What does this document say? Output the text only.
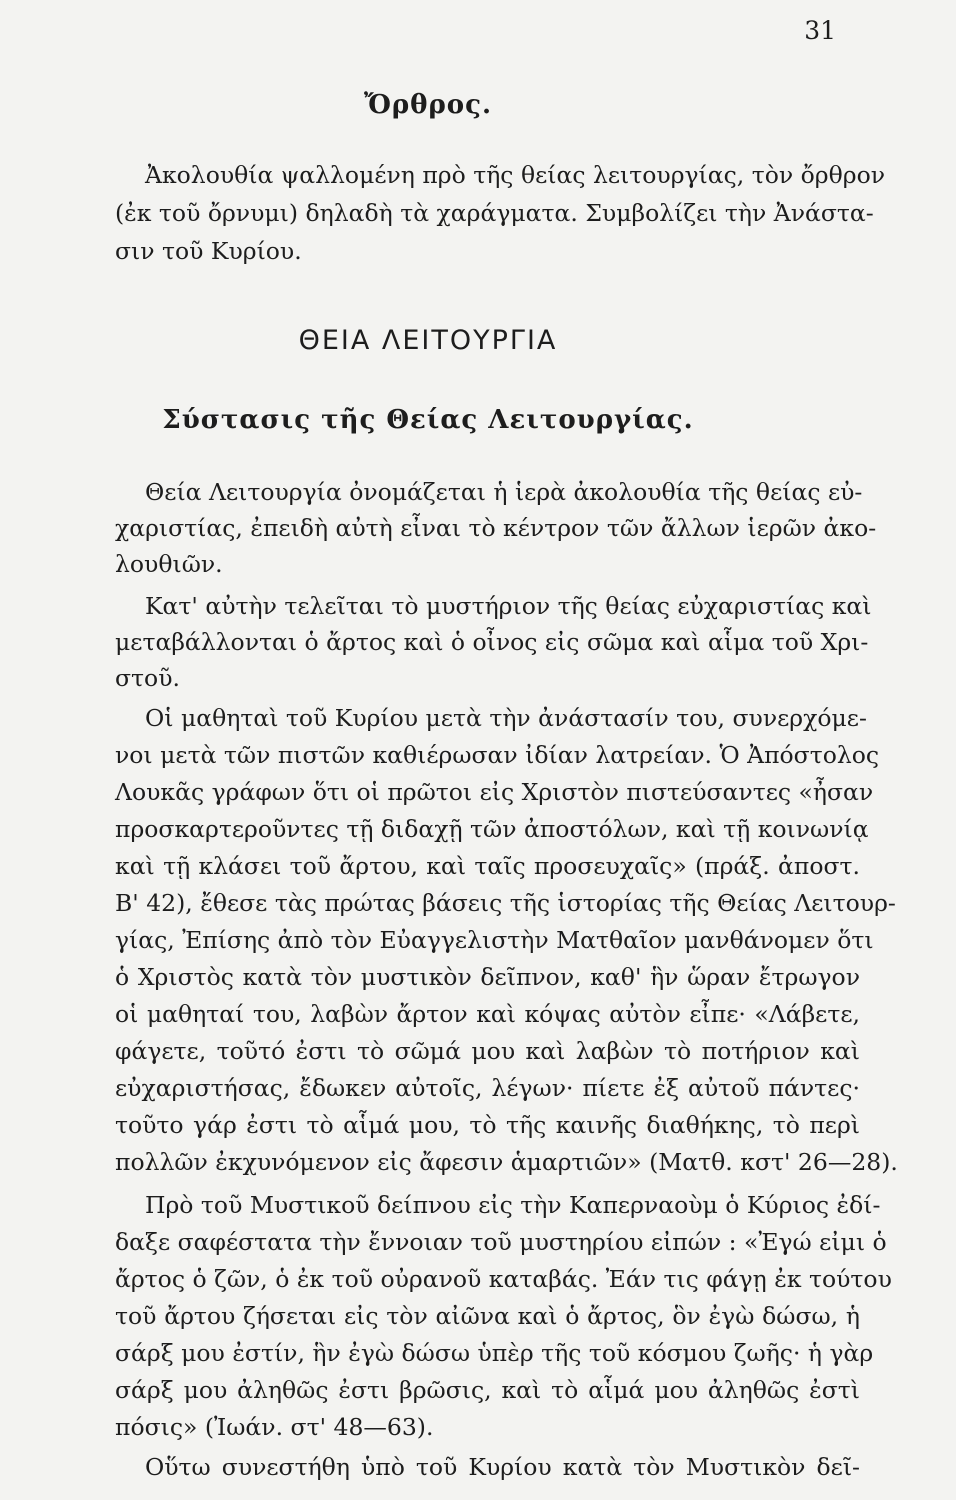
31
Ὄρθρος.
Ἀκολουθία ψαλλομένη πρὸ τῆς θείας λειτουργίας, τὸν ὄρθρον
(ἐκ τοῦ ὄρνυμι) δηλαδὴ τὰ χαράγματα. Συμβολίζει τὴν Ἀνάστα-
σιν τοῦ Κυρίου.
ΘΕΙΑ ΛΕΙΤΟΥΡΓΙΑ
Σύστασις τῆς Θείας Λειτουργίας.
Θεία Λειτουργία ὀνομάζεται ἡ ἱερὰ ἀκολουθία τῆς θείας εὐ-
χαριστίας, ἐπειδὴ αὐτὴ εἶναι τὸ κέντρον τῶν ἄλλων ἱερῶν ἀκο-
λουθιῶν.
Κατ' αὐτὴν τελεῖται τὸ μυστήριον τῆς θείας εὐχαριστίας καὶ
μεταβάλλονται ὁ ἄρτος καὶ ὁ οἶνος εἰς σῶμα καὶ αἷμα τοῦ Χρι-
στοῦ.
Οἱ μαθηταὶ τοῦ Κυρίου μετὰ τὴν ἀνάστασίν του, συνερχόμε-
νοι μετὰ τῶν πιστῶν καθιέρωσαν ἰδίαν λατρείαν. Ὁ Ἀπόστολος
Λουκᾶς γράφων ὅτι οἱ πρῶτοι εἰς Χριστὸν πιστεύσαντες «ἦσαν
προσκαρτεροῦντες τῇ διδαχῇ τῶν ἀποστόλων, καὶ τῇ κοινωνίᾳ
καὶ τῇ κλάσει τοῦ ἄρτου, καὶ ταῖς προσευχαῖς» (πράξ. ἀποστ.
Β' 42), ἔθεσε τὰς πρώτας βάσεις τῆς ἱστορίας τῆς Θείας Λειτουρ-
γίας, Ἐπίσης ἀπὸ τὸν Εὐαγγελιστὴν Ματθαῖον μανθάνομεν ὅτι
ὁ Χριστὸς κατὰ τὸν μυστικὸν δεῖπνον, καθ' ἣν ὥραν ἔτρωγον
οἱ μαθηταί του, λαβὼν ἄρτον καὶ κόψας αὐτὸν εἶπε· «Λάβετε,
φάγετε, τοῦτό ἐστι τὸ σῶμά μου καὶ λαβὼν τὸ ποτήριον καὶ
εὐχαριστήσας, ἔδωκεν αὐτοῖς, λέγων· πίετε ἐξ αὐτοῦ πάντες·
τοῦτο γάρ ἐστι τὸ αἷμά μου, τὸ τῆς καινῆς διαθήκης, τὸ περὶ
πολλῶν ἐκχυνόμενον εἰς ἄφεσιν ἁμαρτιῶν» (Ματθ. κστ' 26—28).
Πρὸ τοῦ Μυστικοῦ δείπνου εἰς τὴν Καπερναοὺμ ὁ Κύριος ἐδί-
δαξε σαφέστατα τὴν ἔννοιαν τοῦ μυστηρίου εἰπών : «Ἐγώ εἰμι ὁ
ἄρτος ὁ ζῶν, ὁ ἐκ τοῦ οὐρανοῦ καταβάς. Ἐάν τις φάγῃ ἐκ τούτου
τοῦ ἄρτου ζήσεται εἰς τὸν αἰῶνα καὶ ὁ ἄρτος, ὃν ἐγὼ δώσω, ἡ
σάρξ μου ἐστίν, ἣν ἐγὼ δώσω ὑπὲρ τῆς τοῦ κόσμου ζωῆς· ἡ γὰρ
σάρξ μου ἀληθῶς ἐστι βρῶσις, καὶ τὸ αἷμά μου ἀληθῶς ἐστὶ
πόσις» (Ἰωάν. στ' 48—63).
Οὕτω συνεστήθη ὑπὸ τοῦ Κυρίου κατὰ τὸν Μυστικὸν δεῖ-
